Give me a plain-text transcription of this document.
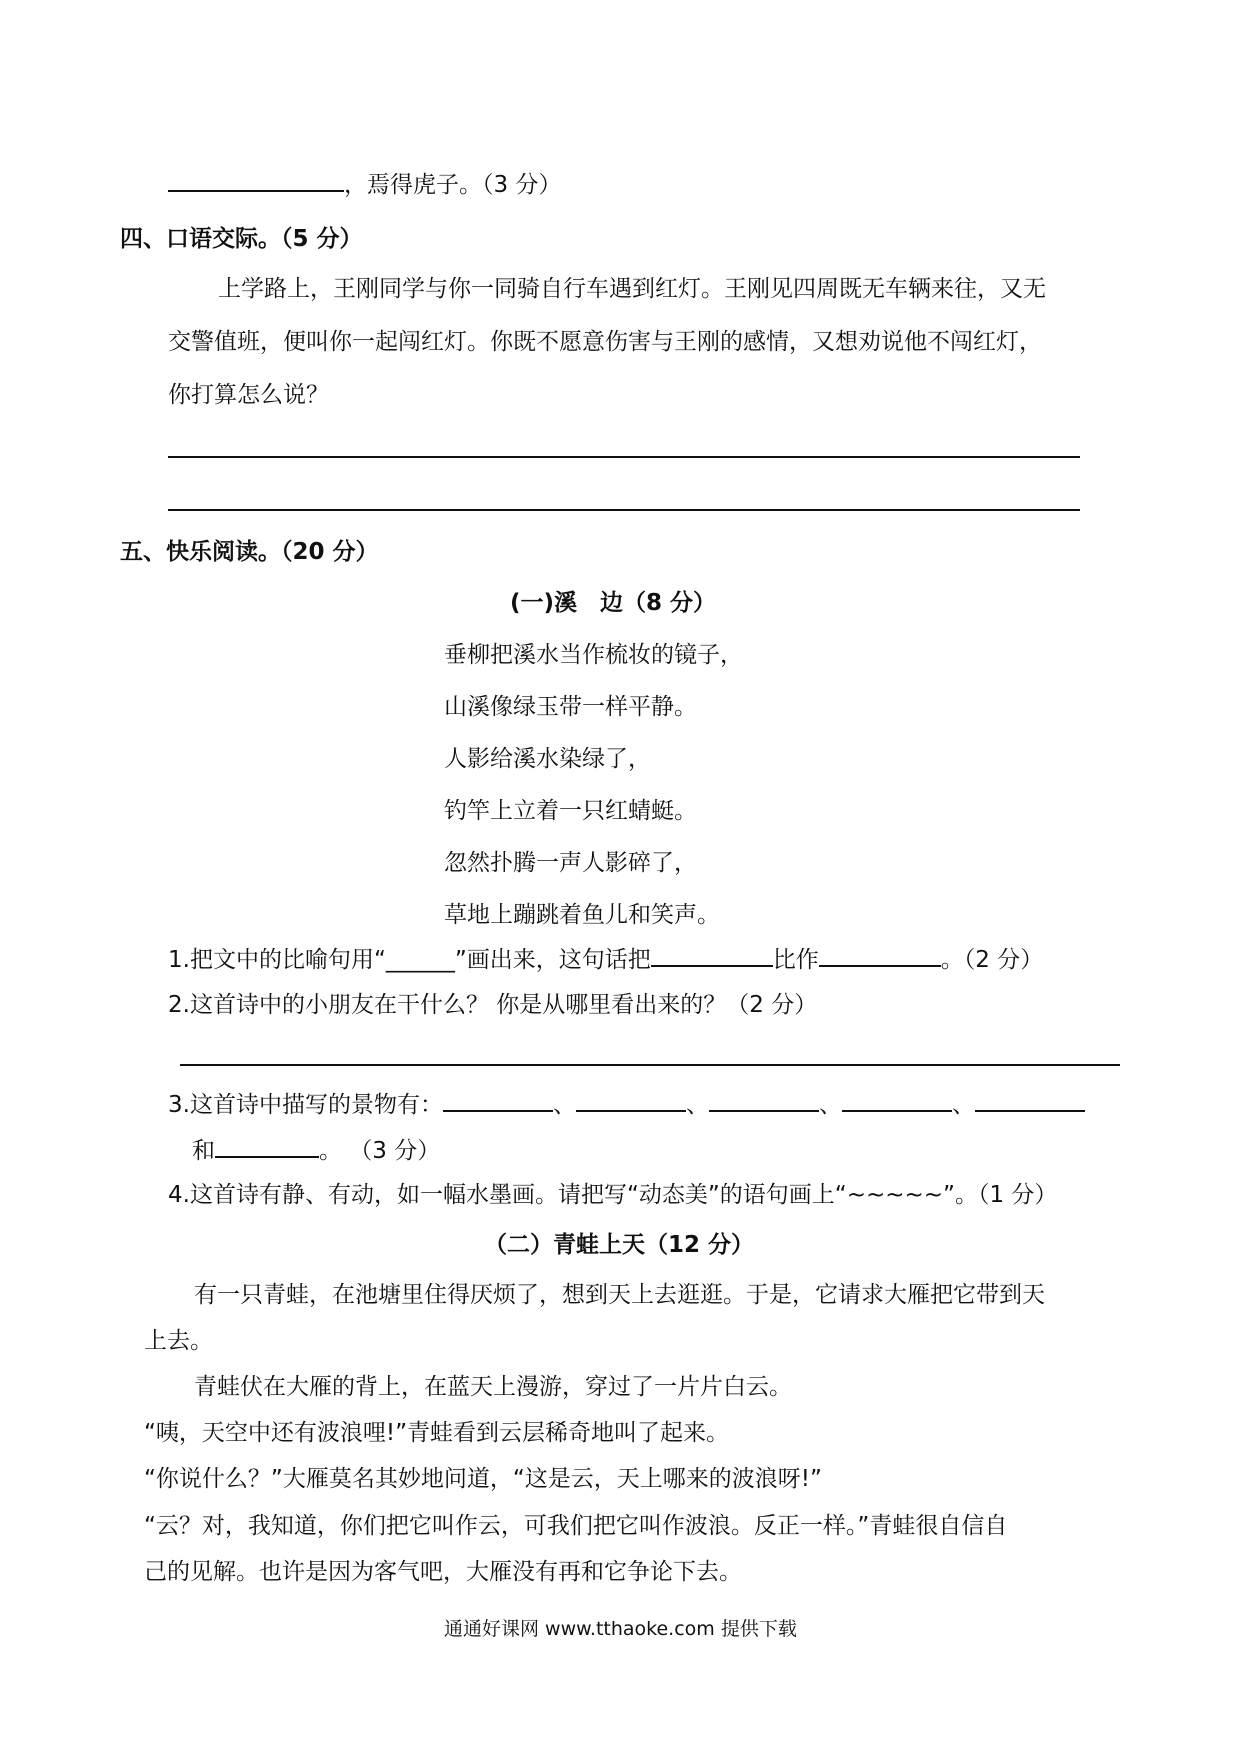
，焉得虎子。（3 分）
四、口语交际。（5 分）
上学路上，王刚同学与你一同骑自行车遇到红灯。王刚见四周既无车辆来往，又无
交警值班，便叫你一起闯红灯。你既不愿意伤害与王刚的感情，又想劝说他不闯红灯，
你打算怎么说？
五、快乐阅读。（20 分）
(一)溪　边（8 分）
垂柳把溪水当作梳妆的镜子，
山溪像绿玉带一样平静。
人影给溪水染绿了，
钓竿上立着一只红蜻蜓。
忽然扑腾一声人影碎了，
草地上蹦跳着鱼儿和笑声。
1.把文中的比喻句用“______”画出来，这句话把	比作	。（2 分）
2.这首诗中的小朋友在干什么？ 你是从哪里看出来的？（2 分）
3.这首诗中描写的景物有：	、	、	、	、
和	。 （3 分）
4.这首诗有静、有动，如一幅水墨画。请把写“动态美”的语句画上“~~~~~”。（1 分）
（二）青蛙上天（12 分）
有一只青蛙，在池塘里住得厌烦了，想到天上去逛逛。于是，它请求大雁把它带到天
上去。
青蛙伏在大雁的背上，在蓝天上漫游，穿过了一片片白云。
“咦，天空中还有波浪哩!”青蛙看到云层稀奇地叫了起来。
“你说什么？”大雁莫名其妙地问道，“这是云，天上哪来的波浪呀!”
“云？对，我知道，你们把它叫作云，可我们把它叫作波浪。反正一样。”青蛙很自信自
己的见解。也许是因为客气吧，大雁没有再和它争论下去。
通通好课网 www.tthaoke.com 提供下载
